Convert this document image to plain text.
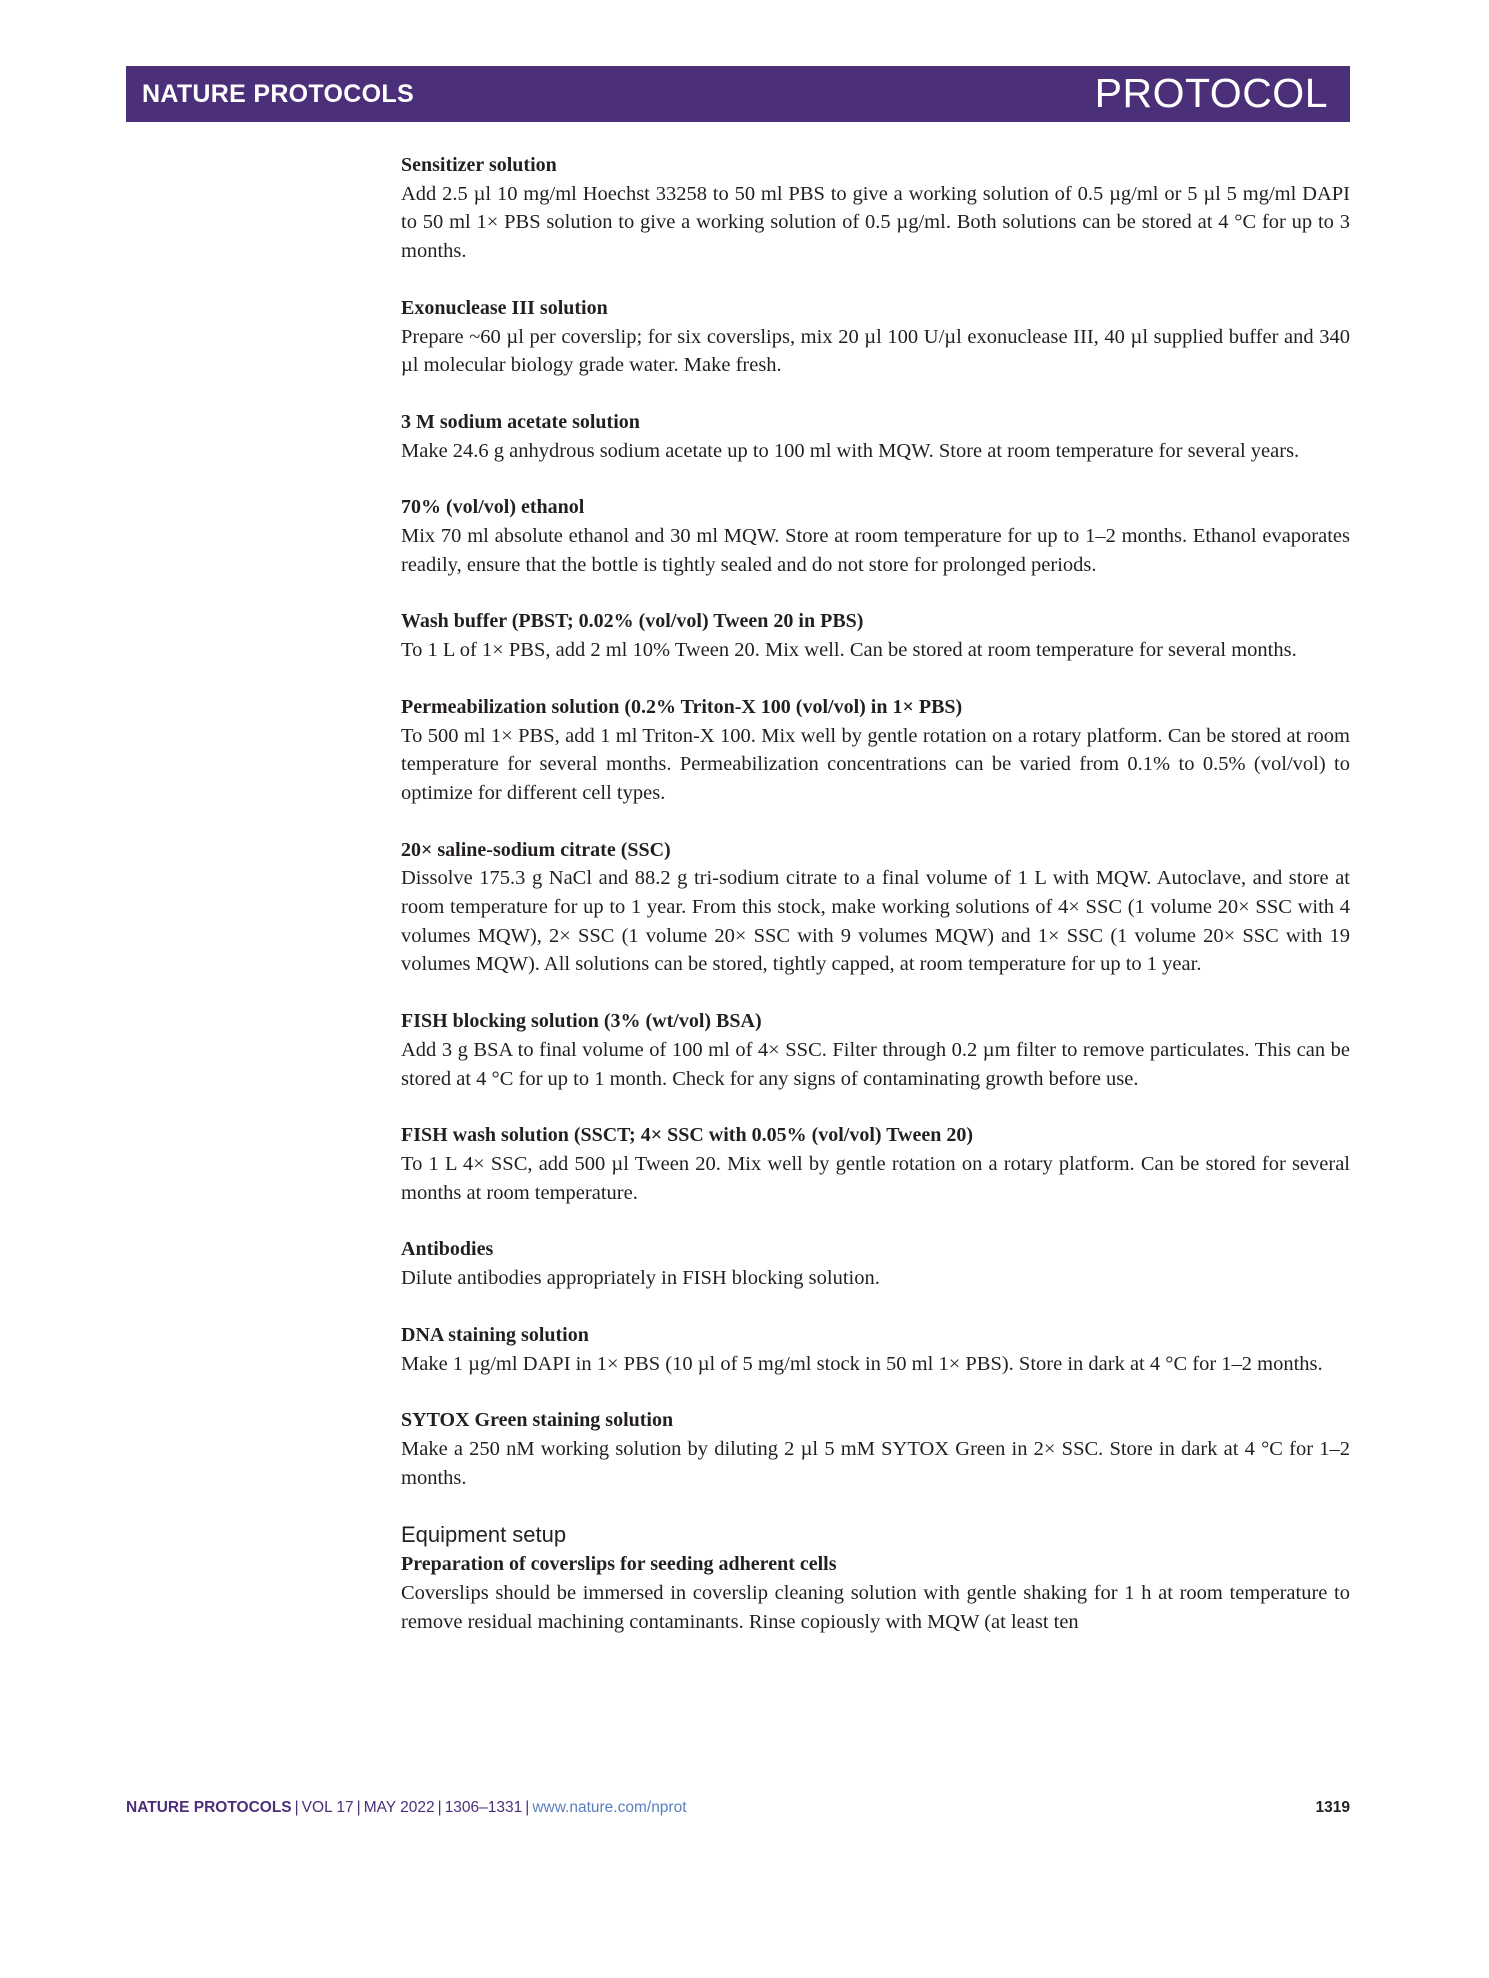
NATURE PROTOCOLS	PROTOCOL
Sensitizer solution
Add 2.5 µl 10 mg/ml Hoechst 33258 to 50 ml PBS to give a working solution of 0.5 µg/ml or 5 µl 5 mg/ml DAPI to 50 ml 1× PBS solution to give a working solution of 0.5 µg/ml. Both solutions can be stored at 4 °C for up to 3 months.
Exonuclease III solution
Prepare ~60 µl per coverslip; for six coverslips, mix 20 µl 100 U/µl exonuclease III, 40 µl supplied buffer and 340 µl molecular biology grade water. Make fresh.
3 M sodium acetate solution
Make 24.6 g anhydrous sodium acetate up to 100 ml with MQW. Store at room temperature for several years.
70% (vol/vol) ethanol
Mix 70 ml absolute ethanol and 30 ml MQW. Store at room temperature for up to 1–2 months. Ethanol evaporates readily, ensure that the bottle is tightly sealed and do not store for prolonged periods.
Wash buffer (PBST; 0.02% (vol/vol) Tween 20 in PBS)
To 1 L of 1× PBS, add 2 ml 10% Tween 20. Mix well. Can be stored at room temperature for several months.
Permeabilization solution (0.2% Triton-X 100 (vol/vol) in 1× PBS)
To 500 ml 1× PBS, add 1 ml Triton-X 100. Mix well by gentle rotation on a rotary platform. Can be stored at room temperature for several months. Permeabilization concentrations can be varied from 0.1% to 0.5% (vol/vol) to optimize for different cell types.
20× saline-sodium citrate (SSC)
Dissolve 175.3 g NaCl and 88.2 g tri-sodium citrate to a final volume of 1 L with MQW. Autoclave, and store at room temperature for up to 1 year. From this stock, make working solutions of 4× SSC (1 volume 20× SSC with 4 volumes MQW), 2× SSC (1 volume 20× SSC with 9 volumes MQW) and 1× SSC (1 volume 20× SSC with 19 volumes MQW). All solutions can be stored, tightly capped, at room temperature for up to 1 year.
FISH blocking solution (3% (wt/vol) BSA)
Add 3 g BSA to final volume of 100 ml of 4× SSC. Filter through 0.2 µm filter to remove particulates. This can be stored at 4 °C for up to 1 month. Check for any signs of contaminating growth before use.
FISH wash solution (SSCT; 4× SSC with 0.05% (vol/vol) Tween 20)
To 1 L 4× SSC, add 500 µl Tween 20. Mix well by gentle rotation on a rotary platform. Can be stored for several months at room temperature.
Antibodies
Dilute antibodies appropriately in FISH blocking solution.
DNA staining solution
Make 1 µg/ml DAPI in 1× PBS (10 µl of 5 mg/ml stock in 50 ml 1× PBS). Store in dark at 4 °C for 1–2 months.
SYTOX Green staining solution
Make a 250 nM working solution by diluting 2 µl 5 mM SYTOX Green in 2× SSC. Store in dark at 4 °C for 1–2 months.
Equipment setup
Preparation of coverslips for seeding adherent cells
Coverslips should be immersed in coverslip cleaning solution with gentle shaking for 1 h at room temperature to remove residual machining contaminants. Rinse copiously with MQW (at least ten
NATURE PROTOCOLS | VOL 17 | MAY 2022 | 1306–1331 | www.nature.com/nprot	1319
